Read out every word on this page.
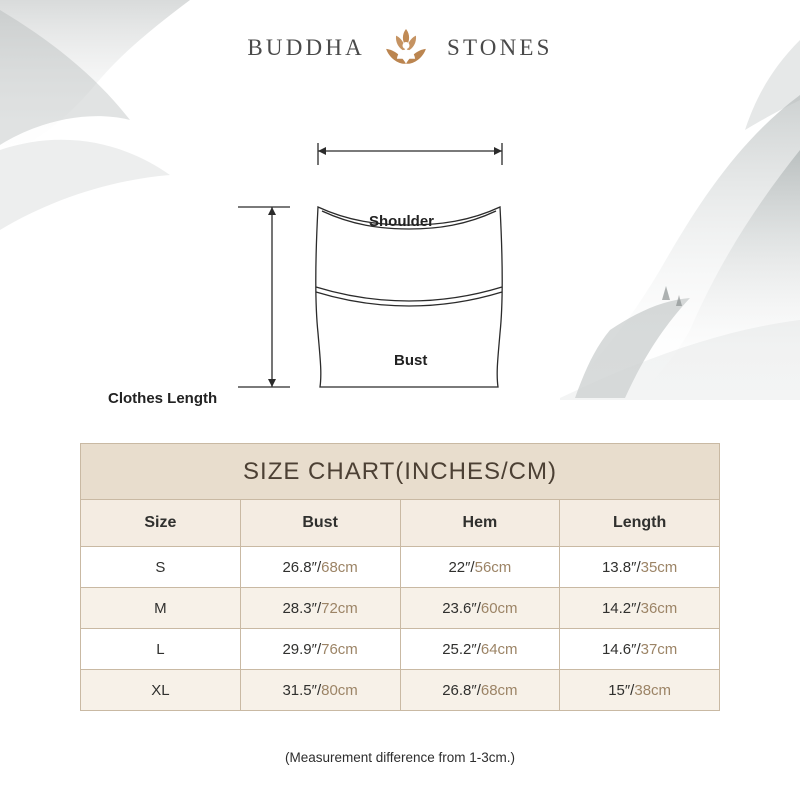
BUDDHA	STONES
Shoulder
Bust
Clothes Length
SIZE CHART(INCHES/CM)			
Size	Bust	Hem	Length
S	26.8″/68cm	22″/56cm	13.8″/35cm
M	28.3″/72cm	23.6″/60cm	14.2″/36cm
L	29.9″/76cm	25.2″/64cm	14.6″/37cm
XL	31.5″/80cm	26.8″/68cm	15″/38cm
(Measurement difference from 1-3cm.)
